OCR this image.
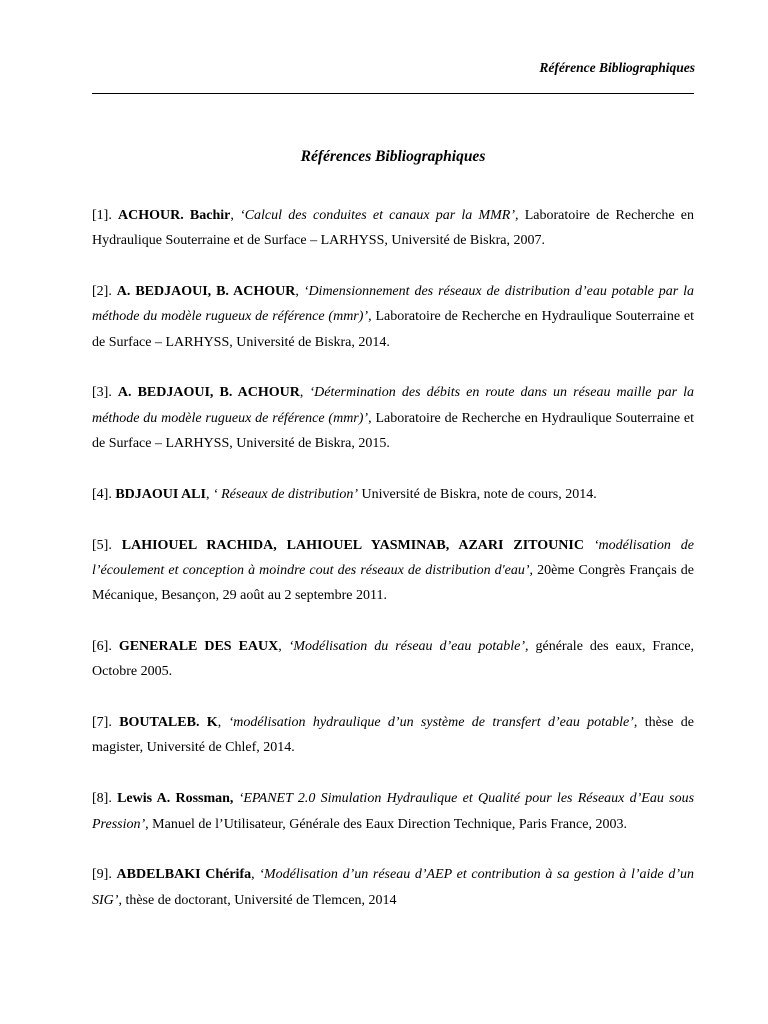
Référence Bibliographiques
Références Bibliographiques

[1]. ACHOUR. Bachir, ‘Calcul des conduites et canaux par la MMR’, Laboratoire de Recherche en Hydraulique Souterraine et de Surface – LARHYSS, Université de Biskra, 2007.

[2]. A. BEDJAOUI, B. ACHOUR, ‘Dimensionnement des réseaux de distribution d’eau potable par la méthode du modèle rugueux de référence (mmr)’, Laboratoire de Recherche en Hydraulique Souterraine et de Surface – LARHYSS, Université de Biskra, 2014.

[3]. A. BEDJAOUI, B. ACHOUR, ‘Détermination des débits en route dans un réseau maille par la méthode du modèle rugueux de référence (mmr)’, Laboratoire de Recherche en Hydraulique Souterraine et de Surface – LARHYSS, Université de Biskra, 2015.

[4]. BDJAOUI ALI, ‘ Réseaux de distribution’ Université de Biskra, note de cours, 2014.

[5]. LAHIOUEL RACHIDA, LAHIOUEL YASMINAB, AZARI ZITOUNIC ‘modélisation de l’écoulement et conception à moindre cout des réseaux de distribution d'eau’, 20ème Congrès Français de Mécanique, Besançon, 29 août au 2 septembre 2011.

[6]. GENERALE DES EAUX, ‘Modélisation du réseau d’eau potable’, générale des eaux, France, Octobre 2005.

[7]. BOUTALEB. K, ‘modélisation hydraulique d’un système de transfert d’eau potable’, thèse de magister, Université de Chlef, 2014.

[8]. Lewis A. Rossman, ‘EPANET 2.0 Simulation Hydraulique et Qualité pour les Réseaux d’Eau sous Pression’, Manuel de l’Utilisateur, Générale des Eaux Direction Technique, Paris France, 2003.

[9]. ABDELBAKI Chérifa, ‘Modélisation d’un réseau d’AEP et contribution à sa gestion à l’aide d’un SIG’, thèse de doctorant, Université de Tlemcen, 2014
